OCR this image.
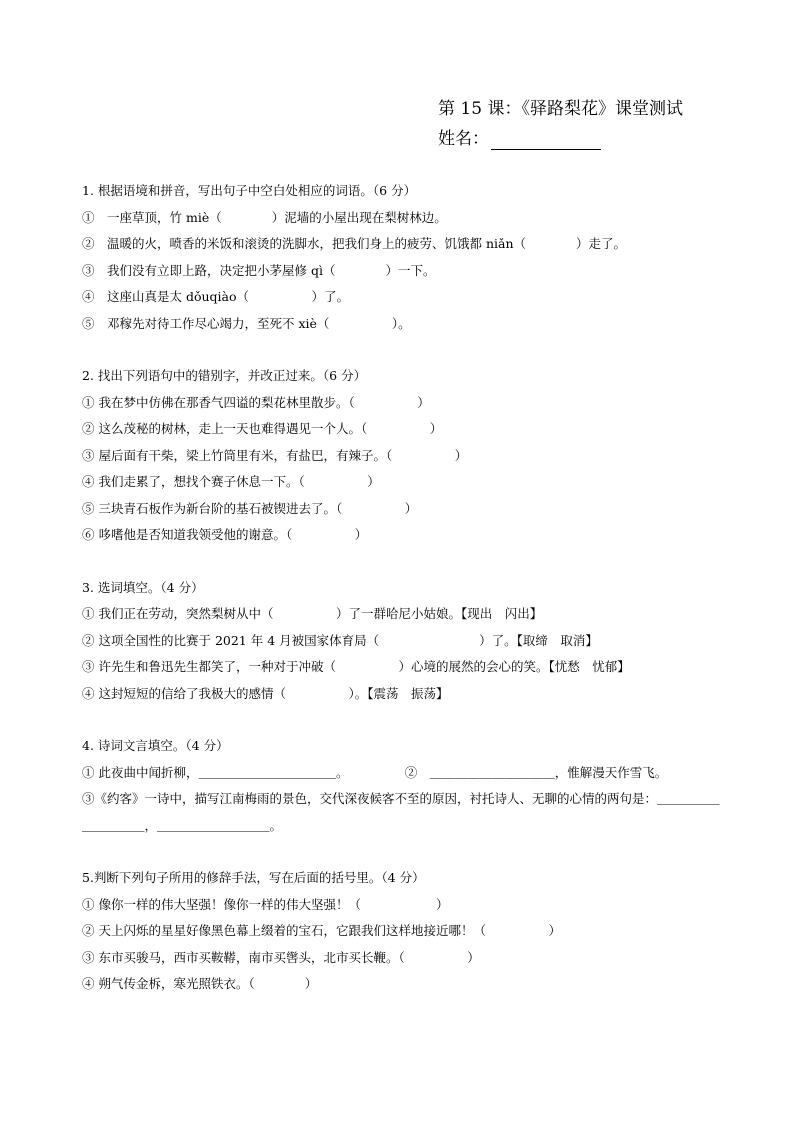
第 15 课：《驿路梨花》课堂测试
姓名：
1. 根据语境和拼音，写出句子中空白处相应的词语。（6 分）
①　一座草顶，竹 miè（　　　　）泥墙的小屋出现在梨树林边。
②　温暖的火，喷香的米饭和滚烫的洗脚水，把我们身上的疲劳、饥饿都 niǎn（　　　　）走了。
③　我们没有立即上路，决定把小茅屋修 qì（　　　　）一下。
④　这座山真是太 dǒuqiào（　　　　　）了。
⑤　邓稼先对待工作尽心竭力，至死不 xiè（　　　　　）。
2. 找出下列语句中的错别字，并改正过来。（6 分）
① 我在梦中仿佛在那香气四谥的梨花林里散步。（　　　　　）
② 这么茂秘的树林，走上一天也难得遇见一个人。（　　　　　）
③ 屋后面有干柴，梁上竹筒里有米，有盐巴，有辣子。（　　　　　）
④ 我们走累了，想找个赛子休息一下。（　　　　　）
⑤ 三块青石板作为新台阶的基石被锲进去了。（　　　　　）
⑥ 哆嗜他是否知道我领受他的谢意。（　　　　　）
3. 选词填空。（4 分）
① 我们正在劳动，突然梨树从中（　　　　　）了一群哈尼小姑娘。【现出　闪出】
② 这项全国性的比赛于 2021 年 4 月被国家体育局（　　　　　　　　）了。【取缔　取消】
③ 许先生和鲁迅先生都笑了，一种对于冲破（　　　　　）心境的展然的会心的笑。【忧愁　忧郁】
④ 这封短短的信给了我极大的感情（　　　　　）。【震荡　振荡】
4. 诗词文言填空。（4 分）
① 此夜曲中闻折柳，＿＿＿＿＿＿＿＿＿＿＿。　　　　　②　＿＿＿＿＿＿＿＿＿＿，惟解漫天作雪飞。
③《约客》一诗中，描写江南梅雨的景色，交代深夜候客不至的原因，衬托诗人、无聊的心情的两句是：＿＿＿＿＿＿＿＿＿＿，＿＿＿＿＿＿＿＿＿。
5.判断下列句子所用的修辞手法，写在后面的括号里。（4 分）
① 像你一样的伟大坚强！像你一样的伟大坚强！（　　　　　　）
② 天上闪烁的星星好像黑色幕上缀着的宝石，它跟我们这样地接近哪！（　　　　　）
③ 东市买骏马，西市买鞍鞯，南市买辔头，北市买长鞭。（　　　　　）
④ 朔气传金柝，寒光照铁衣。（　　　　）
